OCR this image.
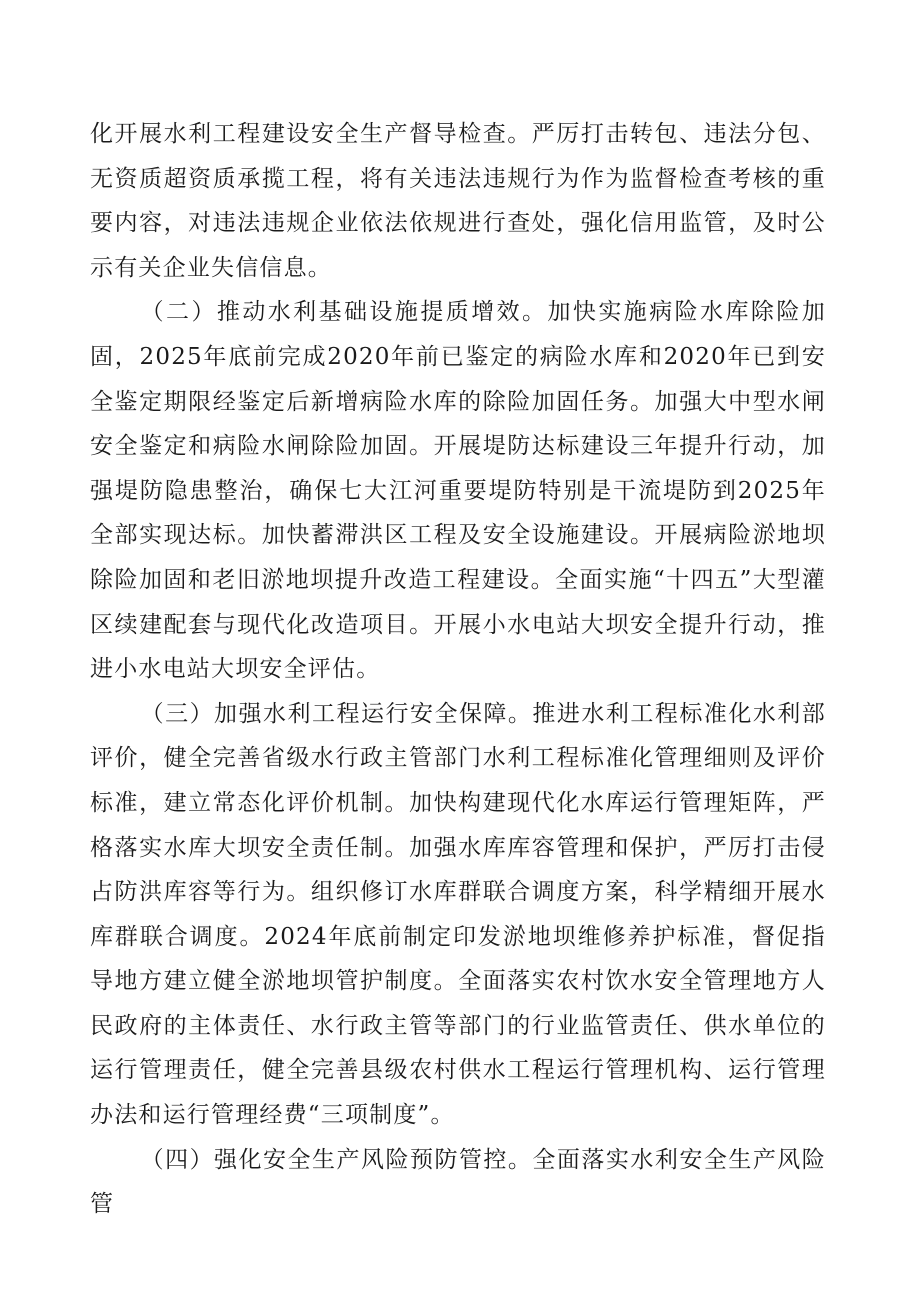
化开展水利工程建设安全生产督导检查。严厉打击转包、违法分包、无资质超资质承揽工程，将有关违法违规行为作为监督检查考核的重要内容，对违法违规企业依法依规进行查处，强化信用监管，及时公示有关企业失信信息。

（二）推动水利基础设施提质增效。加快实施病险水库除险加固，2025年底前完成2020年前已鉴定的病险水库和2020年已到安全鉴定期限经鉴定后新增病险水库的除险加固任务。加强大中型水闸安全鉴定和病险水闸除险加固。开展堤防达标建设三年提升行动，加强堤防隐患整治，确保七大江河重要堤防特别是干流堤防到2025年全部实现达标。加快蓄滞洪区工程及安全设施建设。开展病险淤地坝除险加固和老旧淤地坝提升改造工程建设。全面实施“十四五”大型灌区续建配套与现代化改造项目。开展小水电站大坝安全提升行动，推进小水电站大坝安全评估。

（三）加强水利工程运行安全保障。推进水利工程标准化水利部评价，健全完善省级水行政主管部门水利工程标准化管理细则及评价标准，建立常态化评价机制。加快构建现代化水库运行管理矩阵，严格落实水库大坝安全责任制。加强水库库容管理和保护，严厉打击侵占防洪库容等行为。组织修订水库群联合调度方案，科学精细开展水库群联合调度。2024年底前制定印发淤地坝维修养护标准，督促指导地方建立健全淤地坝管护制度。全面落实农村饮水安全管理地方人民政府的主体责任、水行政主管等部门的行业监管责任、供水单位的运行管理责任，健全完善县级农村供水工程运行管理机构、运行管理办法和运行管理经费“三项制度”。

（四）强化安全生产风险预防管控。全面落实水利安全生产风险管
